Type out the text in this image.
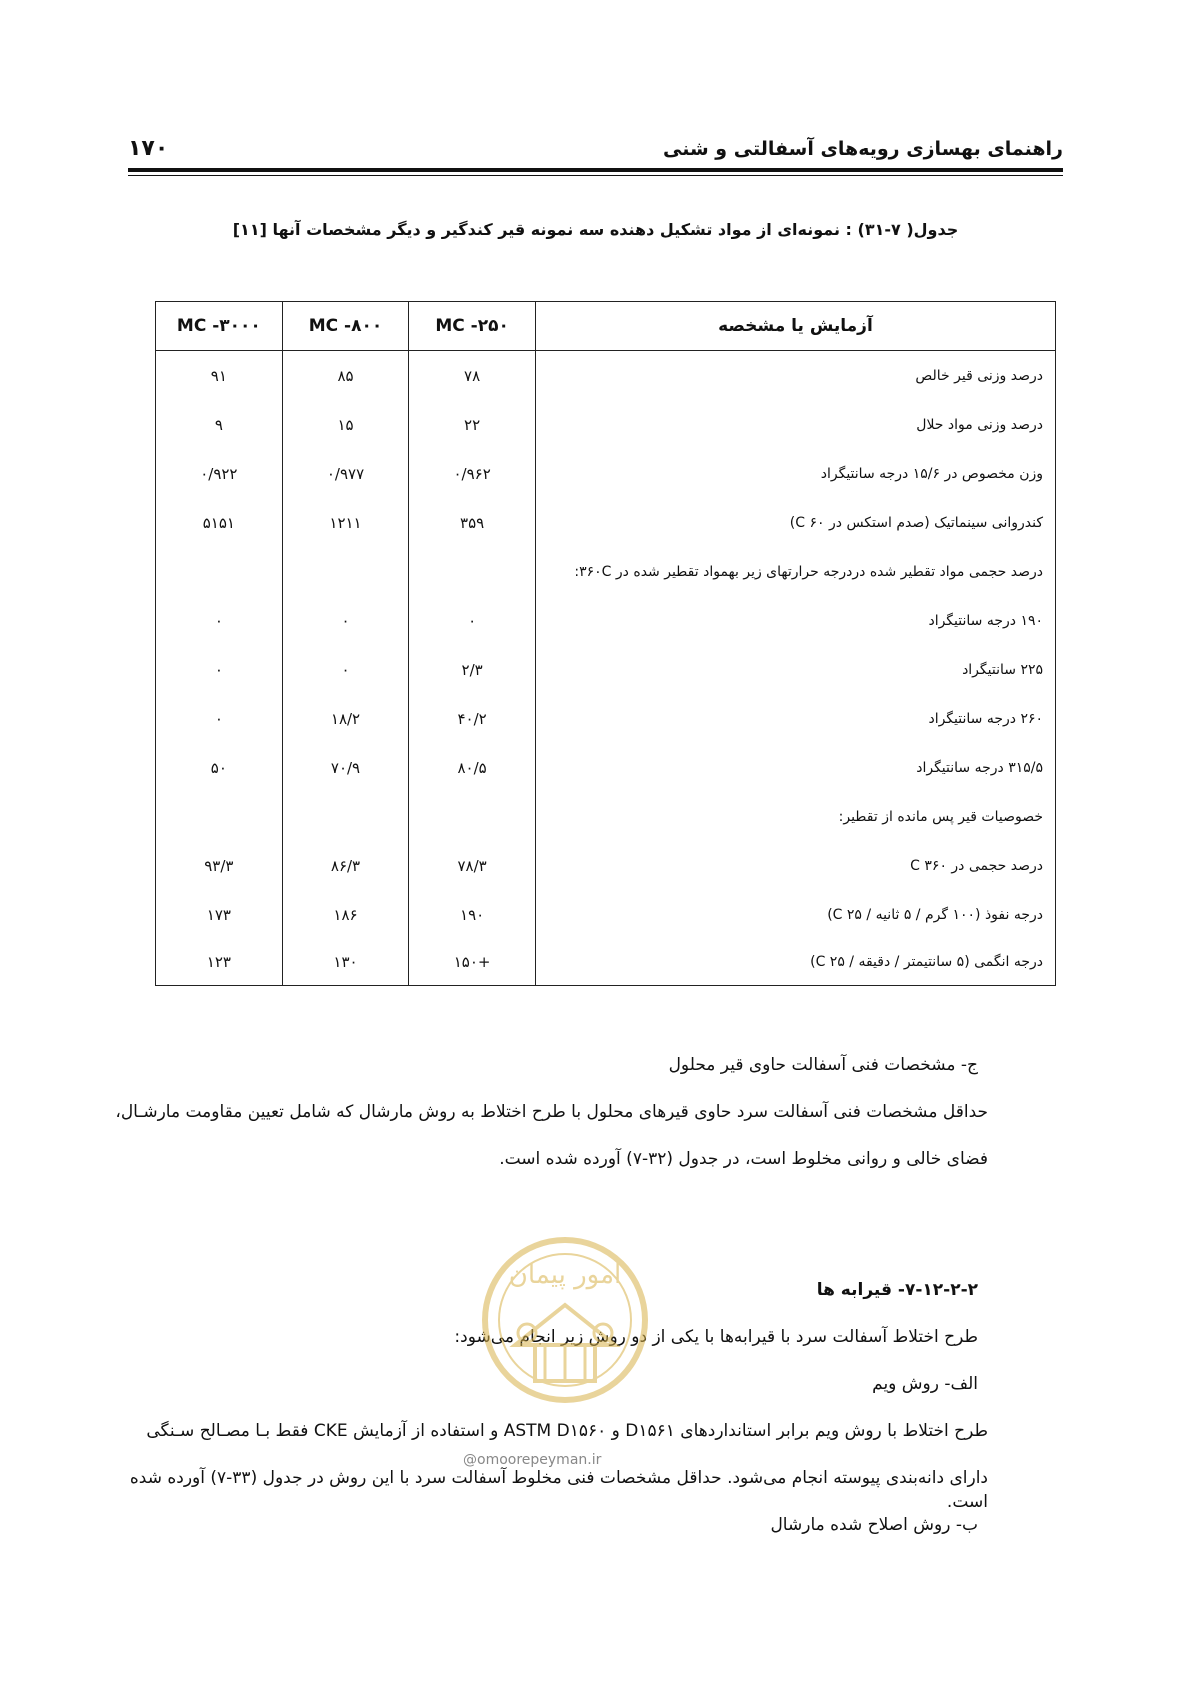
۱۷۰	راهنمای بهسازی رویه‌های آسفالتی و شنی
جدول( ۷-۳۱) : نمونه‌ای از مواد تشکیل دهنده سه نمونه قیر کندگیر و دیگر مشخصات آنها [۱۱]
آزمایش یا مشخصه	MC -۲۵۰	MC -۸۰۰	MC -۳۰۰۰
درصد وزنی قیر خالص	۷۸	۸۵	۹۱
درصد وزنی مواد حلال	۲۲	۱۵	۹
وزن مخصوص در ۱۵/۶ درجه سانتیگراد	۰/۹۶۲	۰/۹۷۷	۰/۹۲۲
کندروانی سینماتیک (صدم استکس در ۶۰ C)	۳۵۹	۱۲۱۱	۵۱۵۱
درصد حجمی مواد تقطیر شده دردرجه حرارتهای زیر بهمواد تقطیر شده در ۳۶۰C:			
۱۹۰ درجه سانتیگراد	۰	۰	۰
۲۲۵ سانتیگراد	۲/۳	۰	۰
۲۶۰ درجه سانتیگراد	۴۰/۲	۱۸/۲	۰
۳۱۵/۵ درجه سانتیگراد	۸۰/۵	۷۰/۹	۵۰
خصوصیات قیر پس مانده از تقطیر:			
درصد حجمی در ۳۶۰ C	۷۸/۳	۸۶/۳	۹۳/۳
درجه نفوذ (۱۰۰ گرم / ۵ ثانیه / ۲۵ C)	۱۹۰	۱۸۶	۱۷۳
درجه انگمی (۵ سانتیمتر / دقیقه / ۲۵ C)	+۱۵۰	۱۳۰	۱۲۳
ج- مشخصات فنی آسفالت حاوی قیر محلول
حداقل مشخصات فنی آسفالت سرد حاوی قیرهای محلول با طرح اختلاط به روش مارشال که شامل تعیین مقاومت مارشـال،
فضای خالی و روانی مخلوط است، در جدول (۳۲-۷) آورده شده است.
۷-۱۲-۲-۲- قیرابه ها
طرح اختلاط آسفالت سرد با قیرابه‌ها با یکی از دو روش زیر انجام می‌شود:
الف- روش ویم
طرح اختلاط با روش ویم برابر استانداردهای D۱۵۶۱ و ASTM D۱۵۶۰ و استفاده از آزمایش CKE فقط بـا مصـالح سـنگی
دارای دانه‌بندی پیوسته انجام می‌شود. حداقل مشخصات فنی مخلوط آسفالت سرد با این روش در جدول (۳۳-۷) آورده شده است.
ب- روش اصلاح شده مارشال
امور پیمان
@omoorepeyman.ir
